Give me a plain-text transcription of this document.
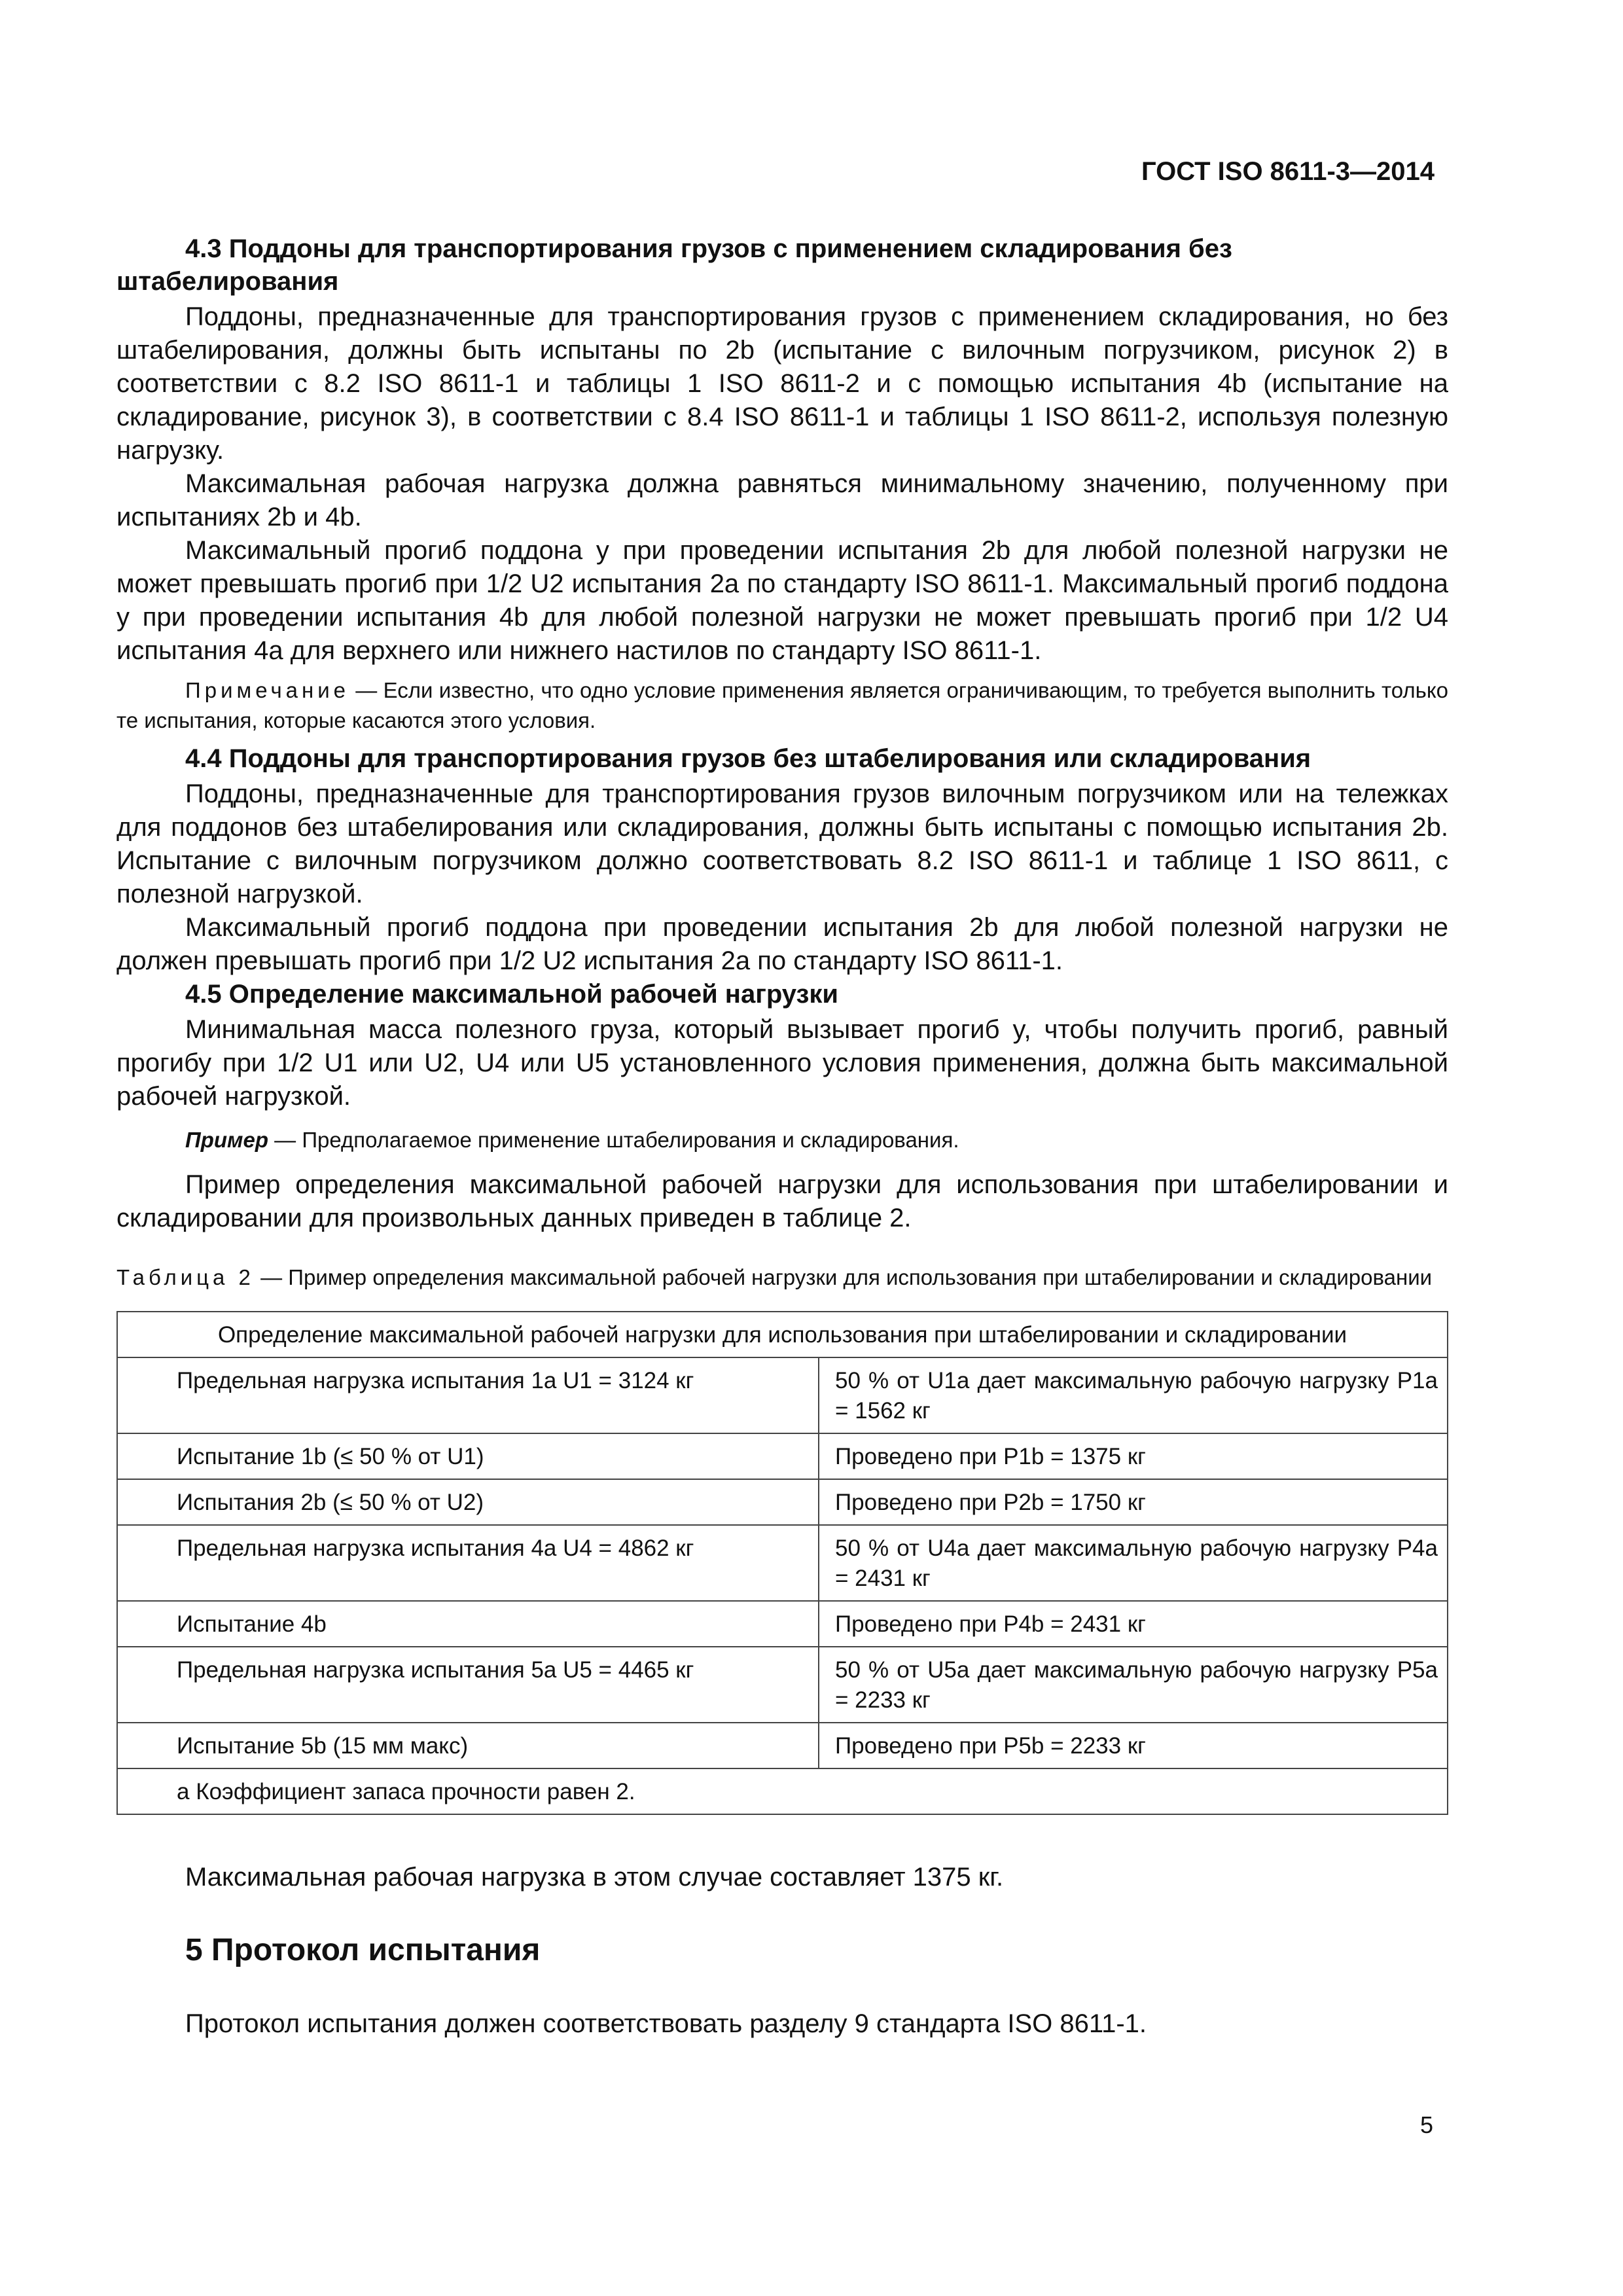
ГОСТ ISO 8611-3—2014
4.3 Поддоны для транспортирования грузов с применением складирования без
штабелирования

Поддоны, предназначенные для транспортирования грузов с применением складирования, но без штабелирования, должны быть испытаны по 2b (испытание с вилочным погрузчиком, рисунок 2) в соответствии с 8.2 ISO 8611-1 и таблицы 1 ISO 8611-2 и с помощью испытания 4b (испытание на складирование, рисунок 3), в соответствии с 8.4 ISO 8611-1 и таблицы 1 ISO 8611-2, используя полезную нагрузку.

Максимальная рабочая нагрузка должна равняться минимальному значению, полученному при испытаниях 2b и 4b.

Максимальный прогиб поддона y при проведении испытания 2b для любой полезной нагрузки не может превышать прогиб при 1/2 U2 испытания 2a по стандарту ISO 8611-1. Максимальный прогиб поддона y при проведении испытания 4b для любой полезной нагрузки не может превышать прогиб при 1/2 U4 испытания 4a для верхнего или нижнего настилов по стандарту ISO 8611-1.

Примечание — Если известно, что одно условие применения является ограничивающим, то требуется выполнить только те испытания, которые касаются этого условия.

4.4 Поддоны для транспортирования грузов без штабелирования или складирования

Поддоны, предназначенные для транспортирования грузов вилочным погрузчиком или на тележках для поддонов без штабелирования или складирования, должны быть испытаны с помощью испытания 2b. Испытание с вилочным погрузчиком должно соответствовать 8.2 ISO 8611-1 и таблице 1 ISO 8611, с полезной нагрузкой.

Максимальный прогиб поддона при проведении испытания 2b для любой полезной нагрузки не должен превышать прогиб при 1/2 U2 испытания 2a по стандарту ISO 8611-1.

4.5 Определение максимальной рабочей нагрузки

Минимальная масса полезного груза, который вызывает прогиб y, чтобы получить прогиб, равный прогибу при 1/2 U1 или U2, U4 или U5 установленного условия применения, должна быть максимальной рабочей нагрузкой.

Пример — Предполагаемое применение штабелирования и складирования.

Пример определения максимальной рабочей нагрузки для использования при штабелировании и складировании для произвольных данных приведен в таблице 2.

Таблица 2 — Пример определения максимальной рабочей нагрузки для использования при штабелировании и складировании

Определение максимальной рабочей нагрузки для использования при штабелировании и складировании	
Предельная нагрузка испытания 1a U1 = 3124 кг	50 % от U1a дает максимальную рабочую нагрузку P1a = 1562 кг
Испытание 1b (≤ 50 % от U1)	Проведено при P1b = 1375 кг
Испытания 2b (≤ 50 % от U2)	Проведено при P2b = 1750 кг
Предельная нагрузка испытания 4a U4 = 4862 кг	50 % от U4a дает максимальную рабочую нагрузку P4a = 2431 кг
Испытание 4b	Проведено при P4b = 2431 кг
Предельная нагрузка испытания 5a U5 = 4465 кг	50 % от U5a дает максимальную рабочую нагрузку P5a = 2233 кг
Испытание 5b (15 мм макс)	Проведено при P5b = 2233 кг
a Коэффициент запаса прочности равен 2.	

Максимальная рабочая нагрузка в этом случае составляет 1375 кг.

5 Протокол испытания

Протокол испытания должен соответствовать разделу 9 стандарта ISO 8611-1.

5
